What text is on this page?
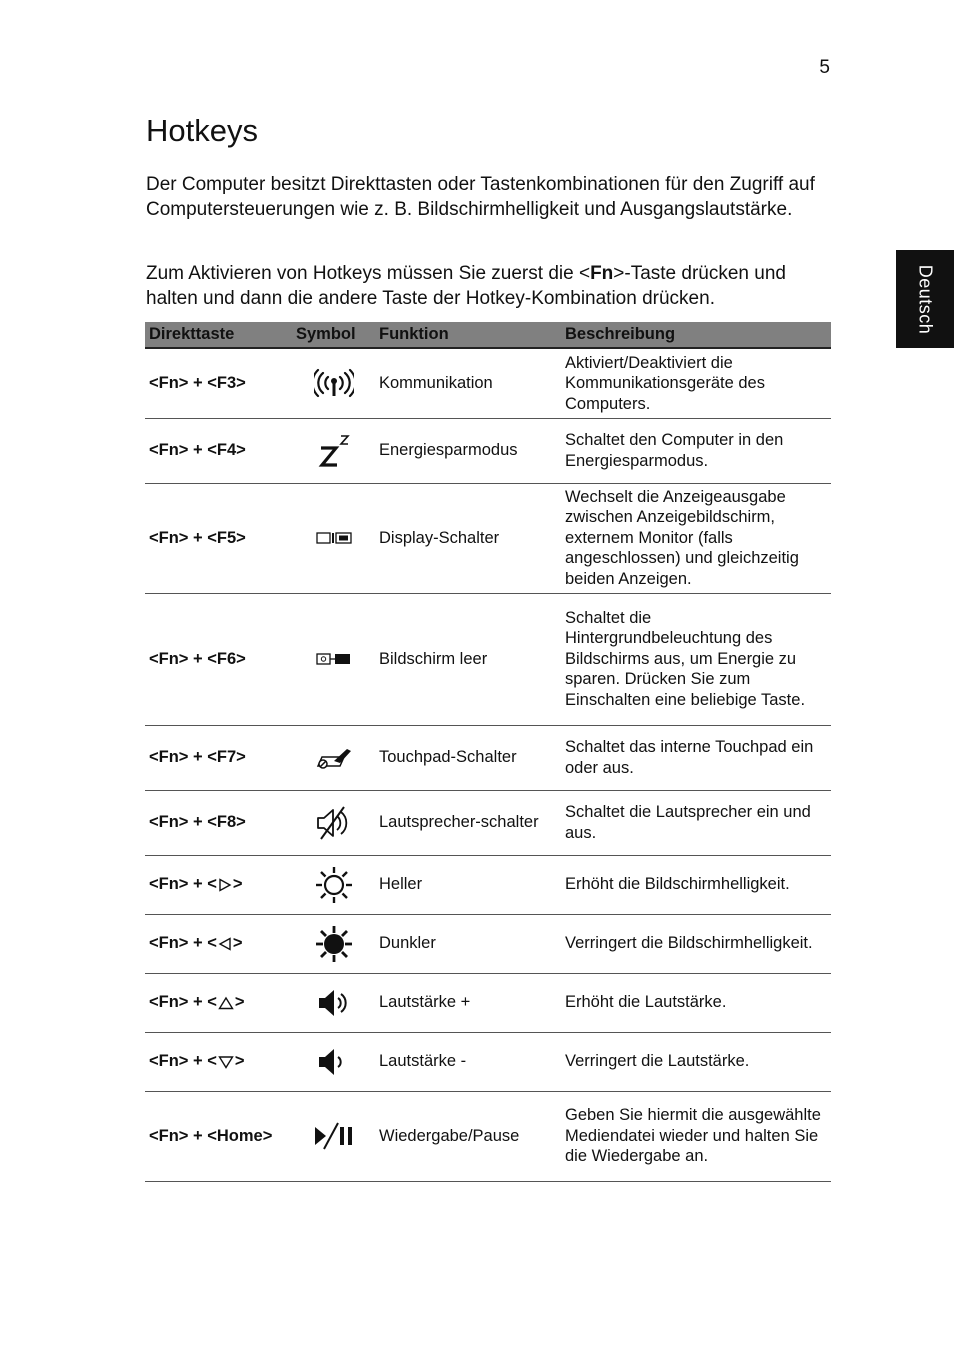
5
Deutsch
Hotkeys

Der Computer besitzt Direkttasten oder Tastenkombinationen für den Zugriff auf Computersteuerungen wie z. B. Bildschirmhelligkeit und Ausgangslautstärke.

Zum Aktivieren von Hotkeys müssen Sie zuerst die <Fn>-Taste drücken und halten und dann die andere Taste der Hotkey-Kombination drücken.

Direkttaste	Symbol	Funktion	Beschreibung
<Fn> + <F3>		Kommunikation	Aktiviert/Deaktiviert die Kommunikationsgeräte des Computers.
<Fn> + <F4>		Energiesparmodus	Schaltet den Computer in den Energiesparmodus.
<Fn> + <F5>		Display-Schalter	Wechselt die Anzeigeausgabe zwischen Anzeigebildschirm, externem Monitor (falls angeschlossen) und gleichzeitig beiden Anzeigen.
<Fn> + <F6>		Bildschirm leer	Schaltet die Hintergrundbeleuchtung des Bildschirms aus, um Energie zu sparen. Drücken Sie zum Einschalten eine beliebige Taste.
<Fn> + <F7>		Touchpad-Schalter	Schaltet das interne Touchpad ein oder aus.
<Fn> + <F8>		Lautsprecher-schalter	Schaltet die Lautsprecher ein und aus.
<Fn> + < >		Heller	Erhöht die Bildschirmhelligkeit.
<Fn> + < >		Dunkler	Verringert die Bildschirmhelligkeit.
<Fn> + < >		Lautstärke +	Erhöht die Lautstärke.
<Fn> + < >		Lautstärke -	Verringert die Lautstärke.
<Fn> + <Home>		Wiedergabe/Pause	Geben Sie hiermit die ausgewählte Mediendatei wieder und halten Sie die Wiedergabe an.
